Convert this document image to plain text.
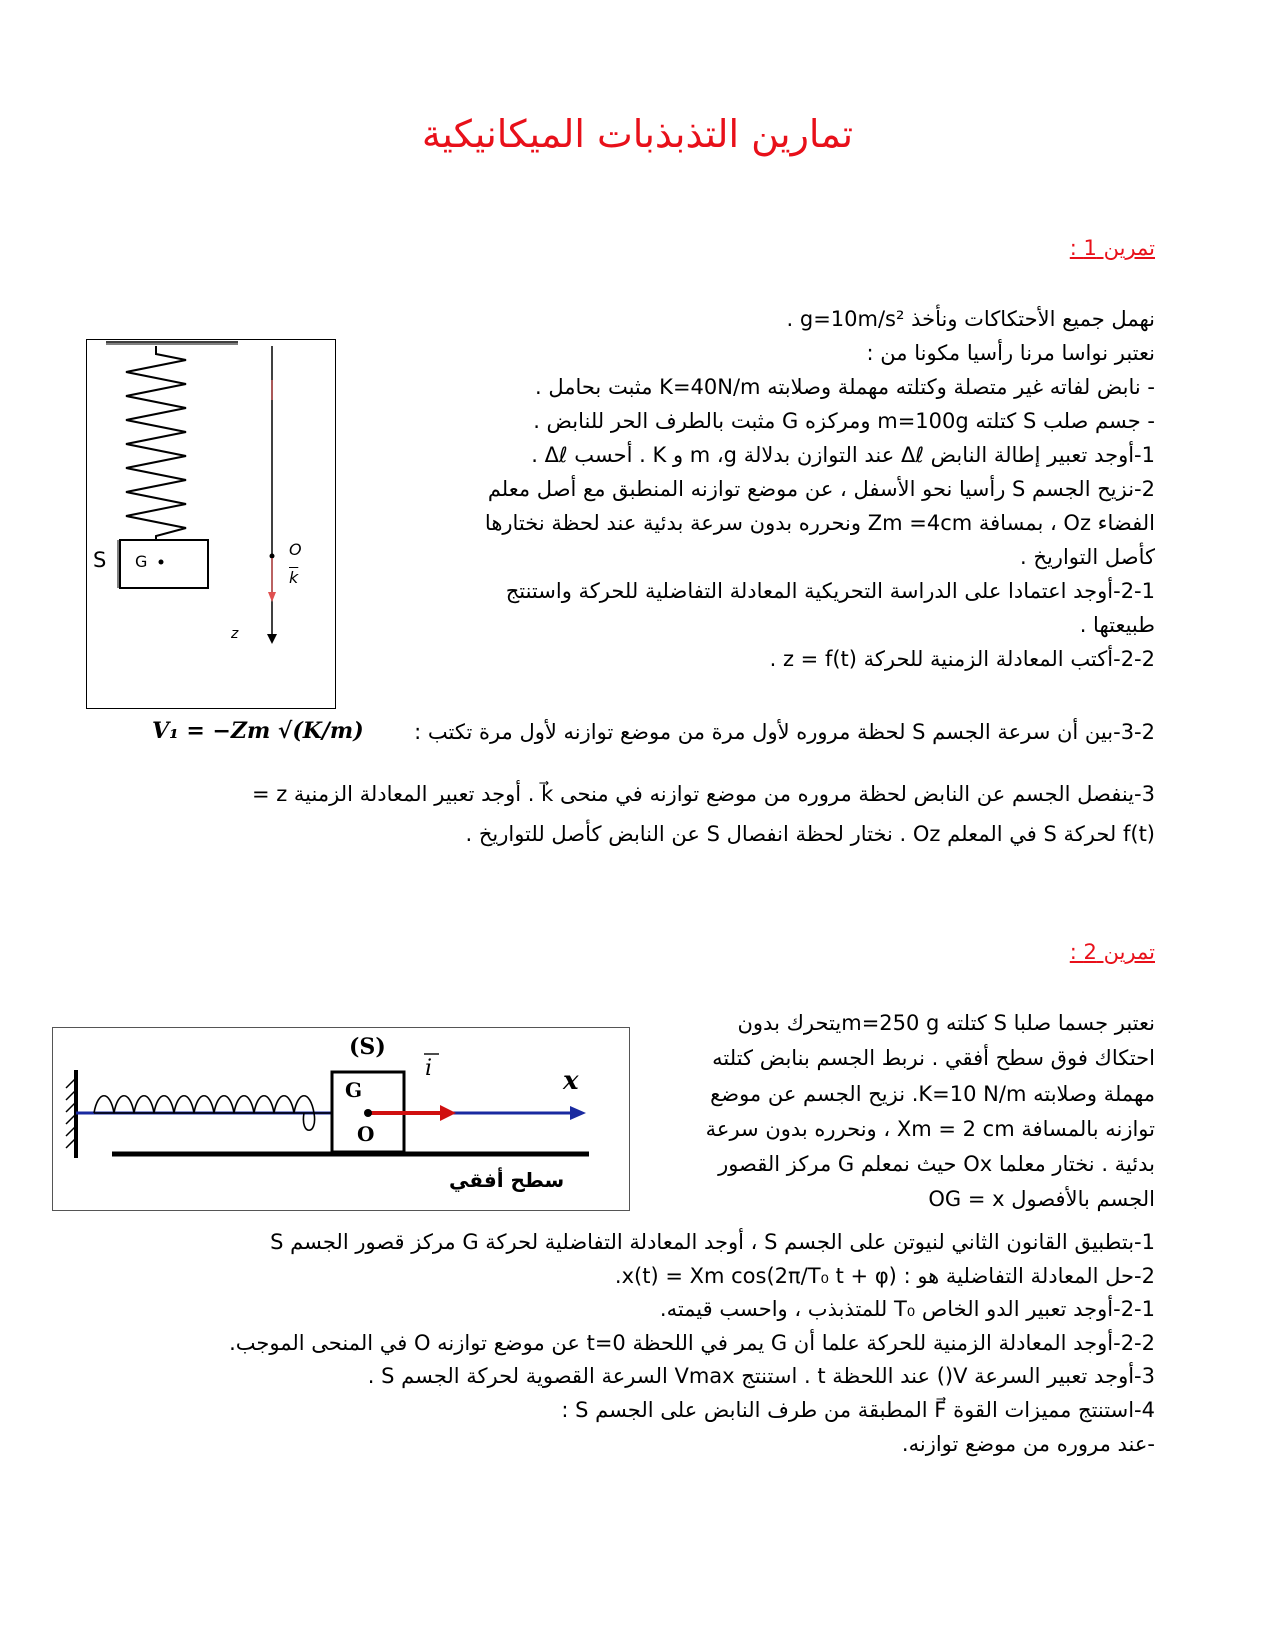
تمارين التذبذبات الميكانيكية
تمرين 1 :
نهمل جميع الأحتكاكات ونأخذ g=10m/s² .
نعتبر نواسا مرنا رأسيا مكونا من :
- نابض لفاته غير متصلة وكتلته مهملة وصلابته K=40N/m مثبت بحامل .
- جسم صلب S كتلته m=100g ومركزه G مثبت بالطرف الحر للنابض .
1-أوجد تعبير إطالة النابض Δℓ عند التوازن بدلالة m ،g و K . أحسب Δℓ .
2-نزيح الجسم S رأسيا نحو الأسفل ، عن موضع توازنه المنطبق مع أصل معلم
الفضاء Oz ، بمسافة Zm =4cm ونحرره بدون سرعة بدئية عند لحظة نختارها
كأصل التواريخ .
2-1-أوجد اعتمادا على الدراسة التحريكية المعادلة التفاضلية للحركة واستنتج
طبيعتها .
2-2-أكتب المعادلة الزمنية للحركة z = f(t) .
3-2-بين أن سرعة الجسم S لحظة مروره لأول مرة من موضع توازنه لأول مرة تكتب :
V₁ = −Zm √(K/m)
3-ينفصل الجسم عن النابض لحظة مروره من موضع توازنه في منحى k⃗ . أوجد تعبير المعادلة الزمنية z =
f(t) لحركة S في المعلم Oz . نختار لحظة انفصال S عن النابض كأصل للتواريخ .
S G
O
k
z
تمرين 2 :
نعتبر جسما صلبا S كتلته m=250 gيتحرك بدون
احتكاك فوق سطح أفقي . نربط الجسم بنابض كتلته
مهملة وصلابته K=10 N/m. نزيح الجسم عن موضع
توازنه بالمسافة Xm = 2 cm ، ونحرره بدون سرعة
بدئية . نختار معلما Ox حيث نمعلم G مركز القصور
الجسم بالأفصول OG = x
(S)
G
O
i	x
سطح أفقي
1-بتطبيق القانون الثاني لنيوتن على الجسم S ، أوجد المعادلة التفاضلية لحركة G مركز قصور الجسم S
2-حل المعادلة التفاضلية هو : x(t) = Xm cos(2π/T₀ t + φ).
2-1-أوجد تعبير الدو الخاص T₀ للمتذبذب ، واحسب قيمته.
2-2-أوجد المعادلة الزمنية للحركة علما أن G يمر في اللحظة t=0 عن موضع توازنه O في المنحى الموجب.
3-أوجد تعبير السرعة V() عند اللحظة t . استنتج Vmax السرعة القصوية لحركة الجسم S .
4-استنتج مميزات القوة F⃗ المطبقة من طرف النابض على الجسم S :
-عند مروره من موضع توازنه.
